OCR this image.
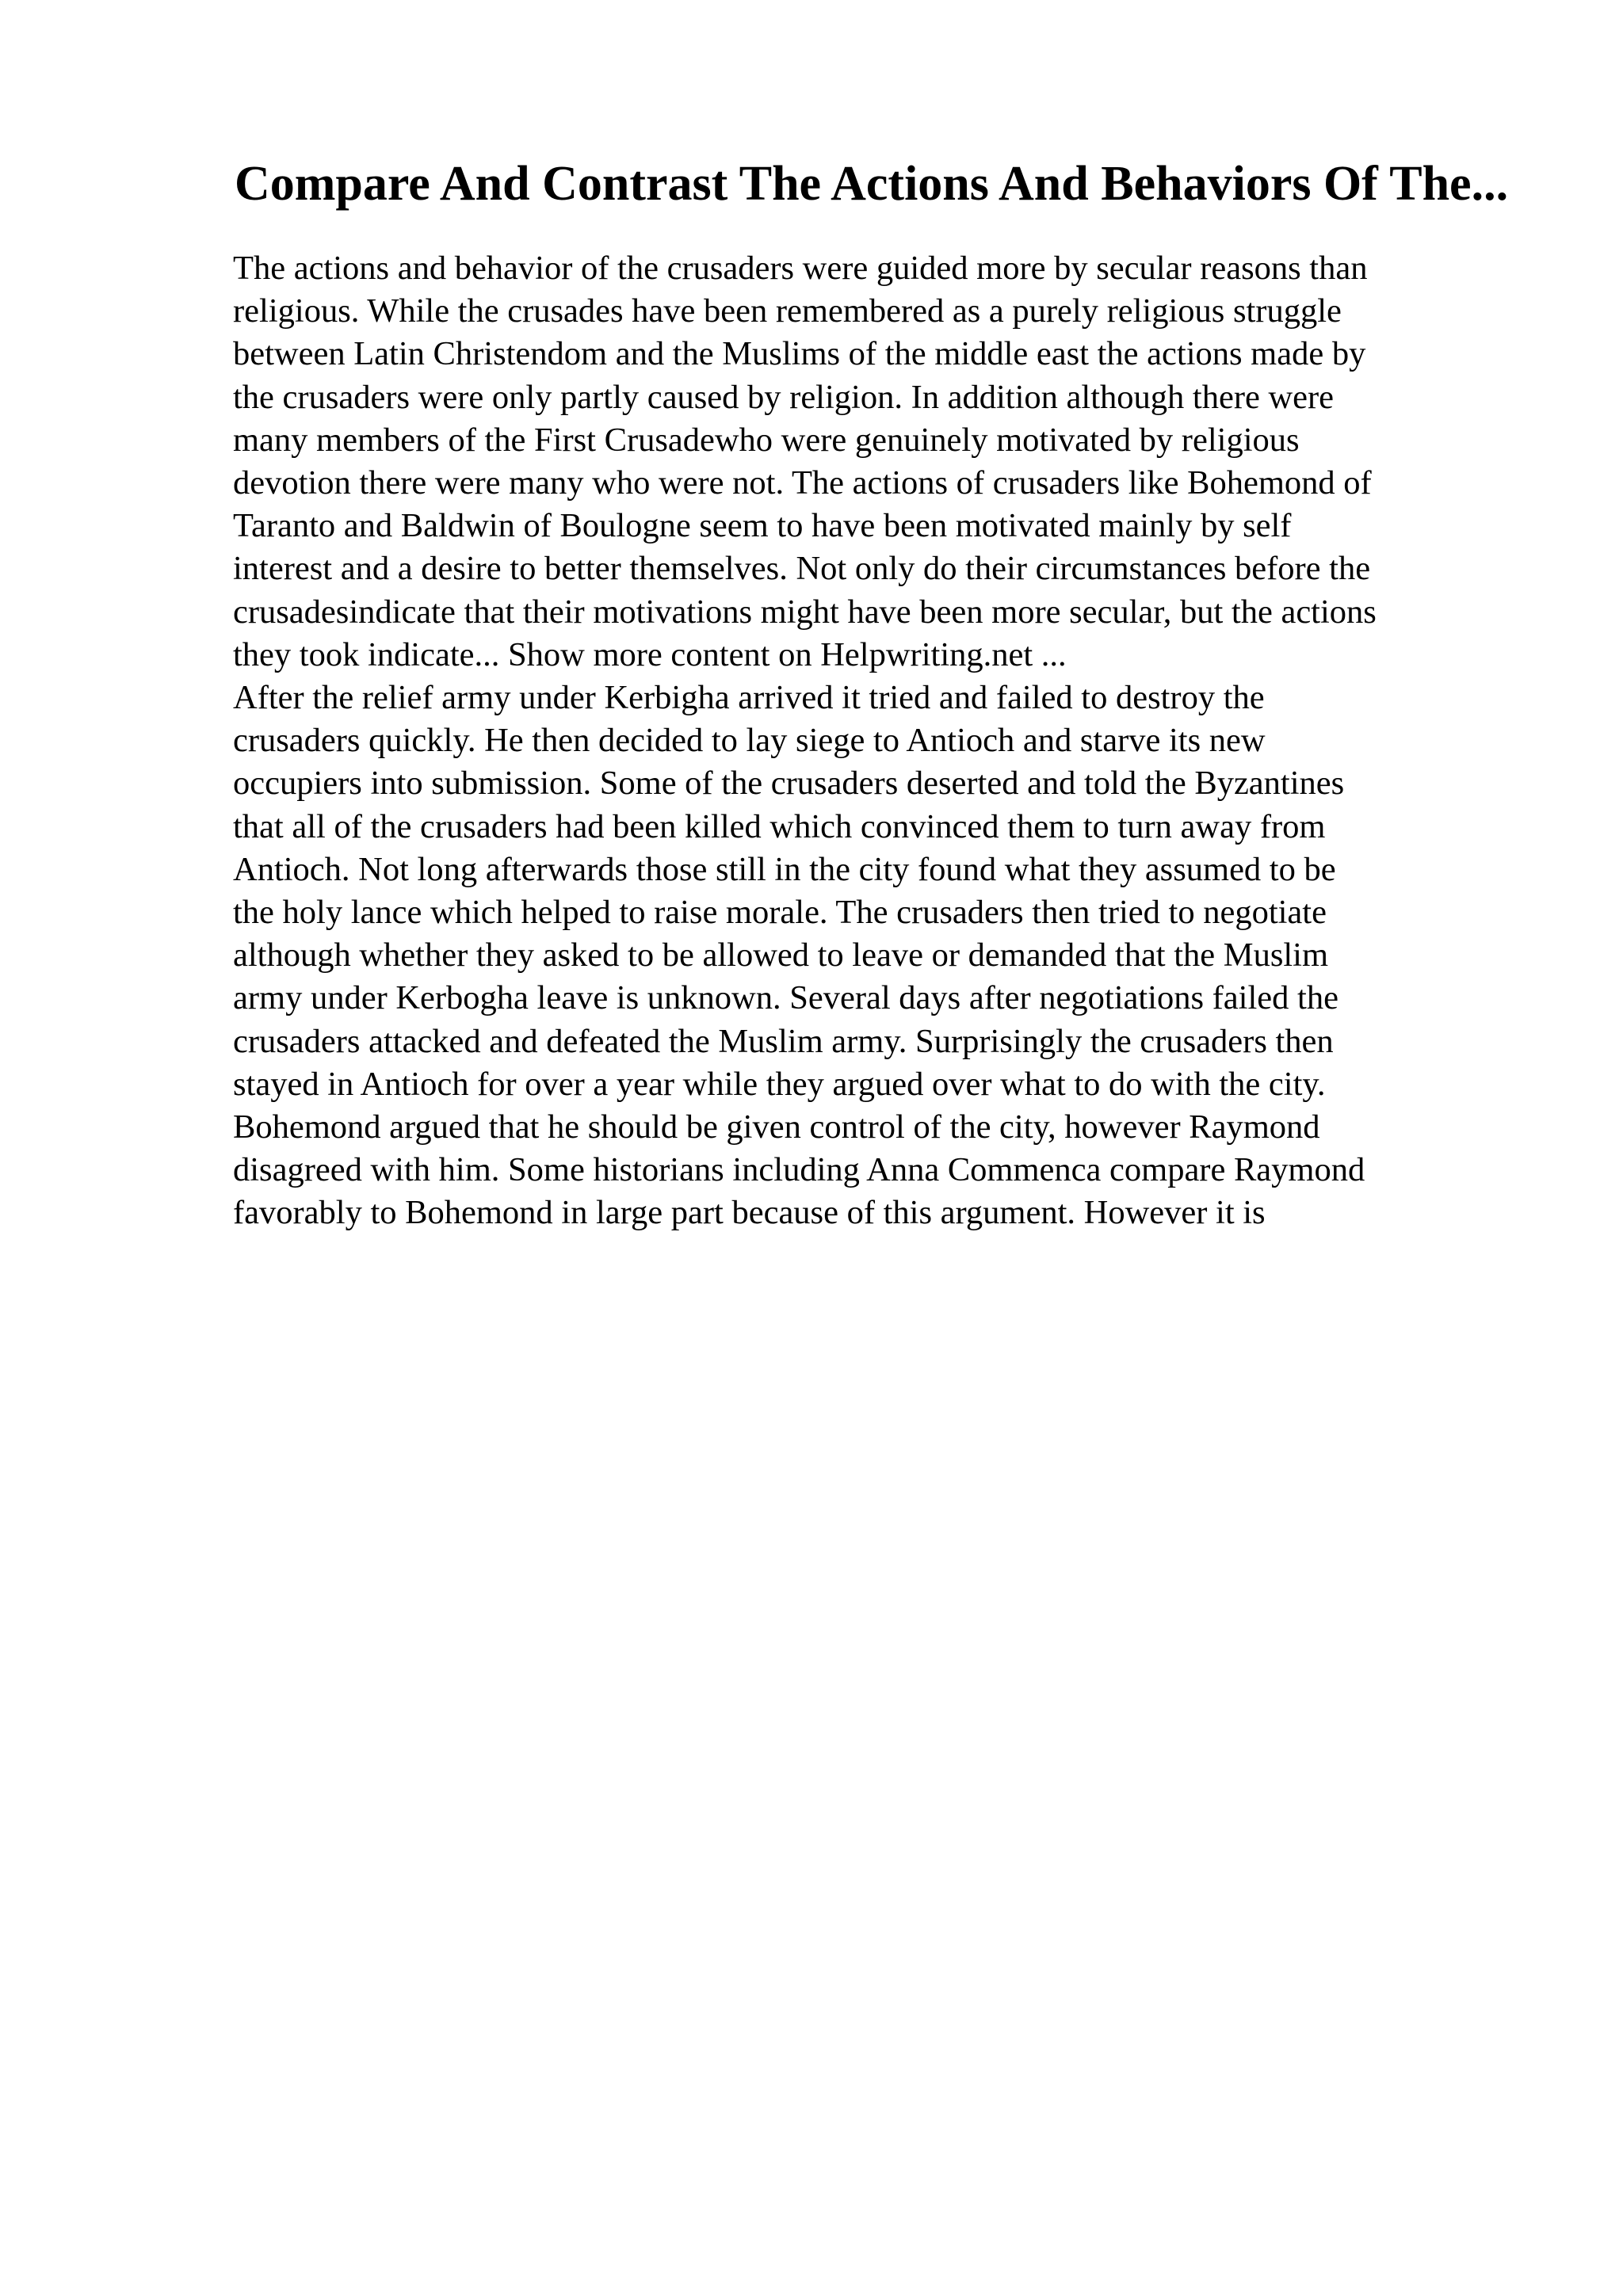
Compare And Contrast The Actions And Behaviors Of The...
The actions and behavior of the crusaders were guided more by secular reasons than
religious. While the crusades have been remembered as a purely religious struggle
between Latin Christendom and the Muslims of the middle east the actions made by
the crusaders were only partly caused by religion. In addition although there were
many members of the First Crusadewho were genuinely motivated by religious
devotion there were many who were not. The actions of crusaders like Bohemond of
Taranto and Baldwin of Boulogne seem to have been motivated mainly by self
interest and a desire to better themselves. Not only do their circumstances before the
crusadesindicate that their motivations might have been more secular, but the actions
they took indicate... Show more content on Helpwriting.net ...
After the relief army under Kerbigha arrived it tried and failed to destroy the
crusaders quickly. He then decided to lay siege to Antioch and starve its new
occupiers into submission. Some of the crusaders deserted and told the Byzantines
that all of the crusaders had been killed which convinced them to turn away from
Antioch. Not long afterwards those still in the city found what they assumed to be
the holy lance which helped to raise morale. The crusaders then tried to negotiate
although whether they asked to be allowed to leave or demanded that the Muslim
army under Kerbogha leave is unknown. Several days after negotiations failed the
crusaders attacked and defeated the Muslim army. Surprisingly the crusaders then
stayed in Antioch for over a year while they argued over what to do with the city.
Bohemond argued that he should be given control of the city, however Raymond
disagreed with him. Some historians including Anna Commenca compare Raymond
favorably to Bohemond in large part because of this argument. However it is
